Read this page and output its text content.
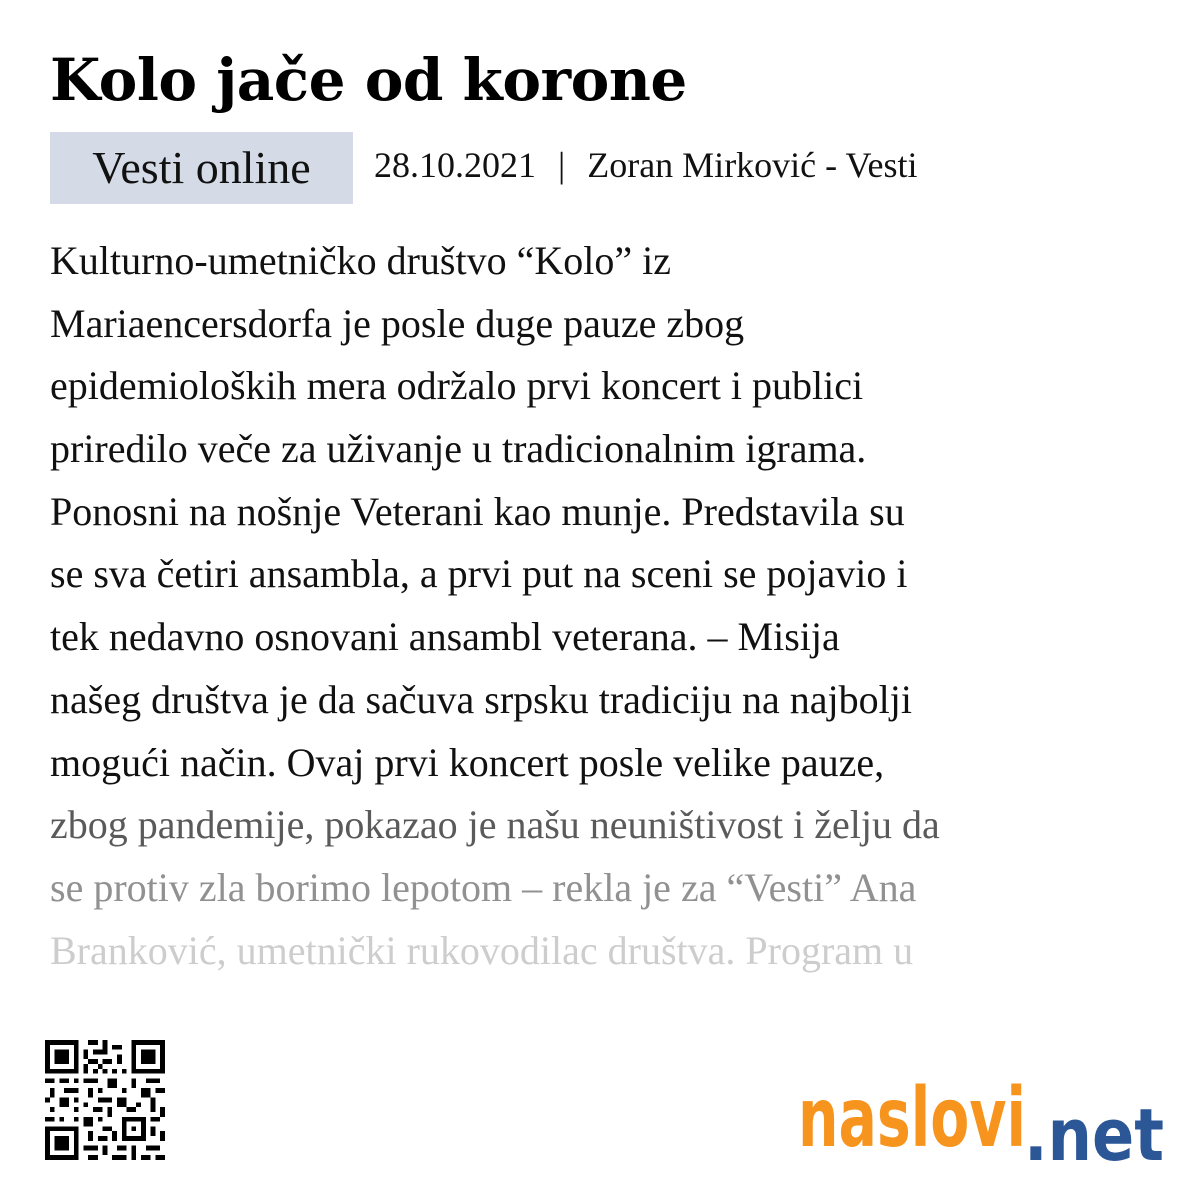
Kolo jače od korone
Vesti online	28.10.2021 | Zoran Mirković - Vesti
Kulturno-umetničko društvo “Kolo” iz
Mariaencersdorfa je posle duge pauze zbog
epidemioloških mera održalo prvi koncert i publici
priredilo veče za uživanje u tradicionalnim igrama.
Ponosni na nošnje Veterani kao munje. Predstavila su
se sva četiri ansambla, a prvi put na sceni se pojavio i
tek nedavno osnovani ansambl veterana. – Misija
našeg društva je da sačuva srpsku tradiciju na najbolji
mogući način. Ovaj prvi koncert posle velike pauze,
zbog pandemije, pokazao je našu neuništivost i želju da
se protiv zla borimo lepotom – rekla je za “Vesti” Ana
Branković, umetnički rukovodilac društva. Program u
naslovi
.net
